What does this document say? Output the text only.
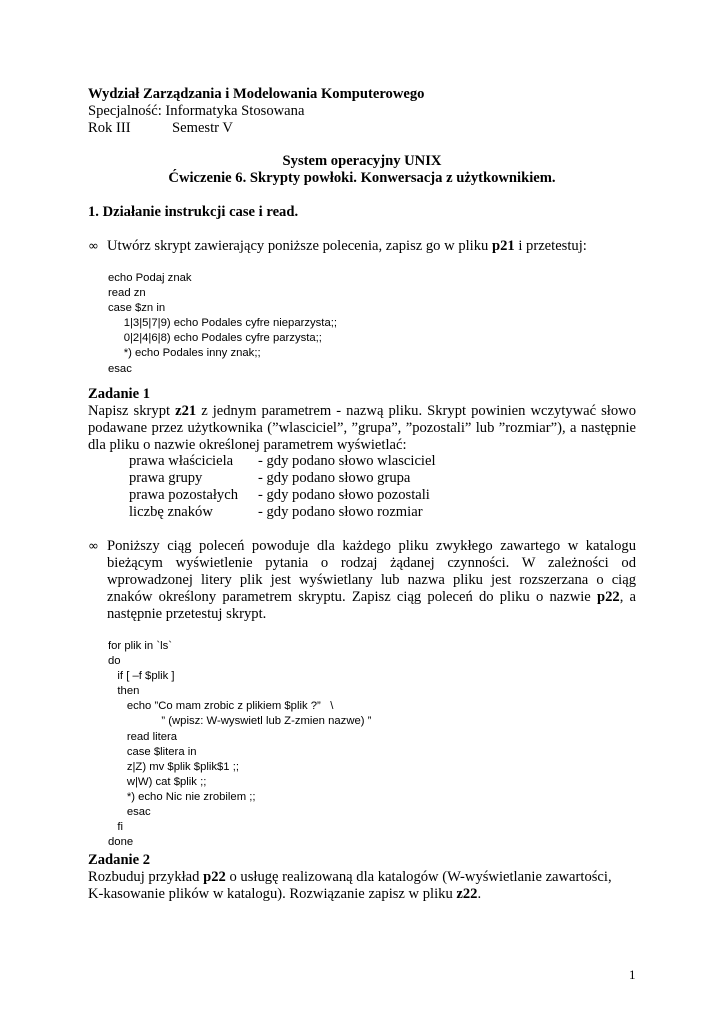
Wydział Zarządzania i Modelowania Komputerowego

Specjalność: Informatyka Stosowana

Rok III	Semestr V

System operacyjny UNIX

Ćwiczenie 6. Skrypty powłoki. Konwersacja z użytkownikiem.

1. Działanie instrukcji case i read.

∞ Utwórz skrypt zawierający poniższe polecenia, zapisz go w pliku p21 i przetestuj:

echo Podaj znak
read zn
case $zn in
1|3|5|7|9) echo Podales cyfre nieparzysta;;
0|2|4|6|8) echo Podales cyfre parzysta;;
*) echo Podales inny znak;;
esac

Zadanie 1

Napisz skrypt z21 z jednym parametrem - nazwą pliku. Skrypt powinien wczytywać słowo podawane przez użytkownika (”wlasciciel”, ”grupa”, ”pozostali” lub ”rozmiar”), a następnie dla pliku o nazwie określonej parametrem wyświetlać:

prawa właściciela - gdy podano słowo wlasciciel
prawa grupy	- gdy podano słowo grupa
prawa pozostałych - gdy podano słowo pozostali
liczbę znaków	- gdy podano słowo rozmiar
∞ Poniższy ciąg poleceń powoduje dla każdego pliku zwykłego zawartego w katalogu bieżącym wyświetlenie pytania o rodzaj żądanej czynności. W zależności od wprowadzonej litery plik jest wyświetlany lub nazwa pliku jest rozszerzana o ciąg znaków określony parametrem skryptu. Zapisz ciąg poleceń do pliku o nazwie p22, a następnie przetestuj skrypt.

for plik in `ls`
do
if [ –f $plik ]
then
echo ”Co mam zrobic z plikiem $plik ?”   \
” (wpisz: W-wyswietl lub Z-zmien nazwe) ”
read litera
case $litera in
z|Z) mv $plik $plik$1 ;;
w|W) cat $plik ;;
*) echo Nic nie zrobilem ;;
esac
fi
done

Zadanie 2

Rozbuduj przykład p22 o usługę realizowaną dla katalogów (W-wyświetlanie zawartości,

K-kasowanie plików w katalogu). Rozwiązanie zapisz w pliku z22.

1
